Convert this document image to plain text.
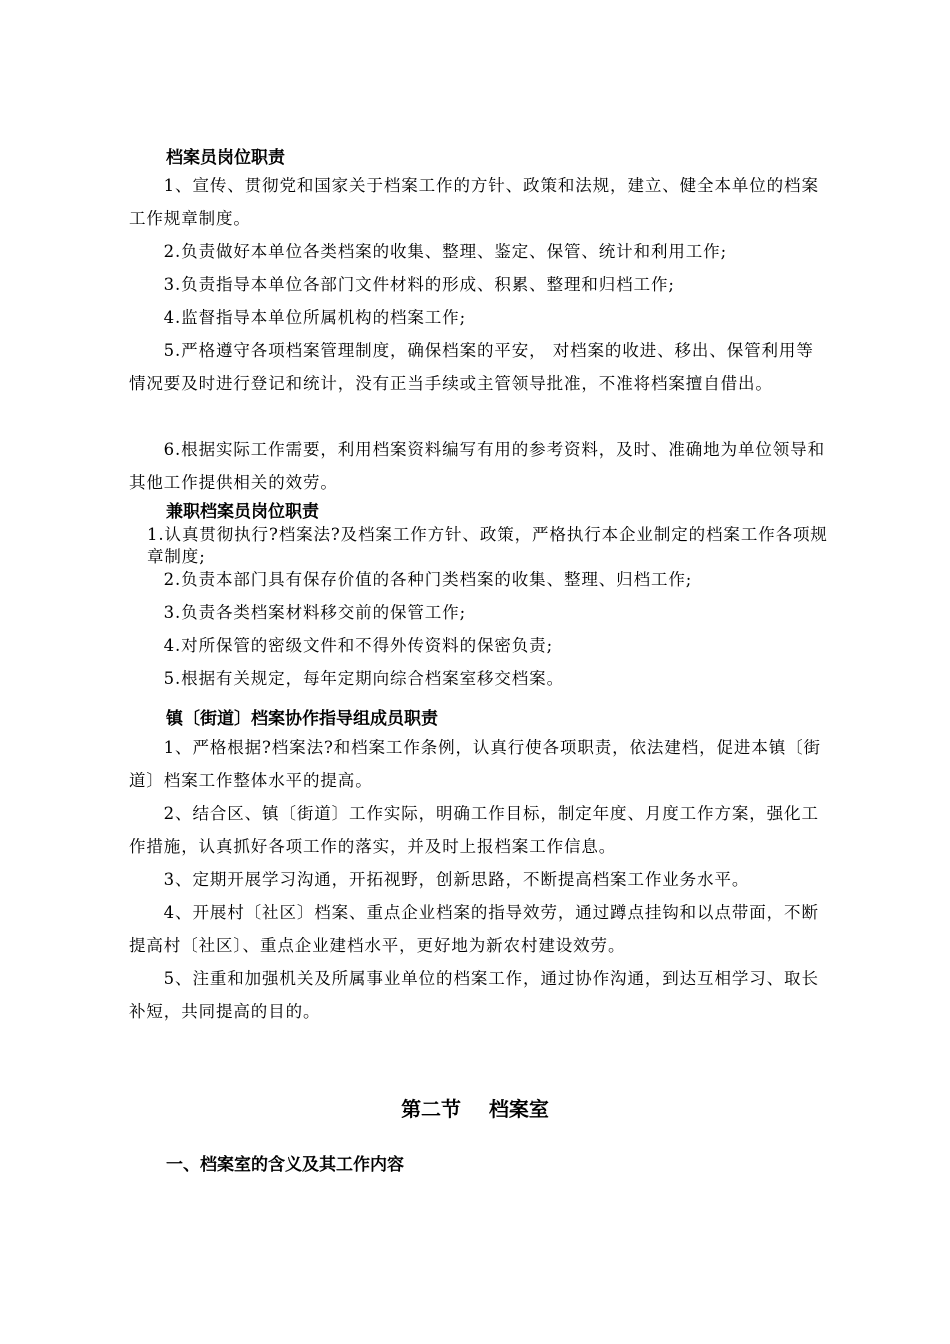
档案员岗位职责
1、宣传、贯彻党和国家关于档案工作的方针、政策和法规，建立、健全本单位的档案工作规章制度。
2.负责做好本单位各类档案的收集、整理、鉴定、保管、统计和利用工作;
3.负责指导本单位各部门文件材料的形成、积累、整理和归档工作;
4.监督指导本单位所属机构的档案工作;
5.严格遵守各项档案管理制度，确保档案的平安， 对档案的收进、移出、保管利用等情况要及时进行登记和统计，没有正当手续或主管领导批准，不准将档案擅自借出。
6.根据实际工作需要，利用档案资料编写有用的参考资料，及时、准确地为单位领导和其他工作提供相关的效劳。
兼职档案员岗位职责
1.认真贯彻执行?档案法?及档案工作方针、政策，严格执行本企业制定的档案工作各项规章制度;
2.负责本部门具有保存价值的各种门类档案的收集、整理、归档工作;
3.负责各类档案材料移交前的保管工作;
4.对所保管的密级文件和不得外传资料的保密负责;
5.根据有关规定，每年定期向综合档案室移交档案。
镇〔街道〕档案协作指导组成员职责
1、严格根据?档案法?和档案工作条例，认真行使各项职责，依法建档，促进本镇〔街道〕档案工作整体水平的提高。
2、结合区、镇〔街道〕工作实际，明确工作目标，制定年度、月度工作方案，强化工作措施，认真抓好各项工作的落实，并及时上报档案工作信息。
3、定期开展学习沟通，开拓视野，创新思路，不断提高档案工作业务水平。
4、开展村〔社区〕档案、重点企业档案的指导效劳，通过蹲点挂钩和以点带面，不断提高村〔社区〕、重点企业建档水平，更好地为新农村建设效劳。
5、注重和加强机关及所属事业单位的档案工作，通过协作沟通，到达互相学习、取长补短，共同提高的目的。
第二节    档案室
一、档案室的含义及其工作内容
